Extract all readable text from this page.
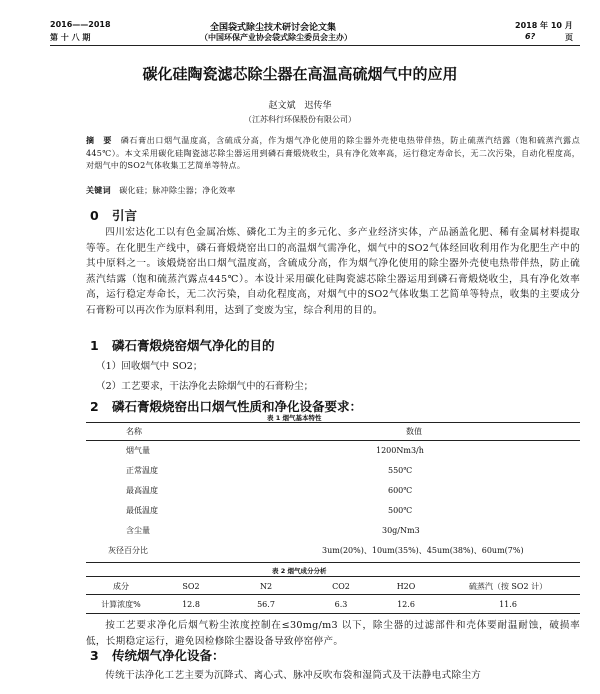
2016——2018
第 十 八 期
全国袋式除尘技术研讨会论文集
（中国环保产业协会袋式除尘委员会主办）
2018 年 10 月
6?	页
碳化硅陶瓷滤芯除尘器在高温高硫烟气中的应用
赵文斌　迟传华
（江苏科行环保股份有限公司）

摘　要　 磷石膏出口烟气温度高，含硫成分高，作为烟气净化使用的除尘器外壳使电热带伴热，防止硫蒸汽结露（饱和硫蒸汽露点445℃）。本文采用碳化硅陶瓷滤芯除尘器运用到磷石膏煅烧收尘，具有净化效率高，运行稳定寿命长，无二次污染，自动化程度高，对烟气中的SO2气体收集工艺简单等特点。

关键词　 碳化硅；脉冲除尘器；净化效率

0 引言

四川宏达化工以有色金属冶炼、磷化工为主的多元化、多产业经济实体，产品涵盖化肥、稀有金属材料提取等等。在化肥生产线中，磷石膏煅烧窑出口的高温烟气需净化，烟气中的SO2气体经回收利用作为化肥生产中的其中原料之一。该煅烧窑出口烟气温度高，含硫成分高，作为烟气净化使用的除尘器外壳使电热带伴热，防止硫蒸汽结露（饱和硫蒸汽露点445℃）。本设计采用碳化硅陶瓷滤芯除尘器运用到磷石膏煅烧收尘，具有净化效率高，运行稳定寿命长，无二次污染，自动化程度高，对烟气中的SO2气体收集工艺简单等特点，收集的主要成分石膏粉可以再次作为原料利用，达到了变废为宝，综合利用的目的。

1 磷石膏煅烧窑烟气净化的目的
（1）回收烟气中 SO2；
（2）工艺要求，干法净化去除烟气中的石膏粉尘；
2 磷石膏煅烧窑出口烟气性质和净化设备要求：
表 1 烟气基本特性
名称	数值
烟气量	1200Nm3/h
正常温度	550℃
最高温度	600℃
最低温度	500℃
含尘量	30g/Nm3
灰径百分比	3um(20%)、10um(35%)、45um(38%)、60um(7%)
表 2 烟气成分分析
成分	SO2	N2	CO2	H2O	硫蒸汽（按 SO2 计）
计算浓度%	12.8	56.7	6.3	12.6	11.6

按工艺要求净化后烟气粉尘浓度控制在≤30mg/m3 以下，除尘器的过滤部件和壳体要耐温耐蚀，破损率低，长期稳定运行，避免因检修除尘器设备导致停窑停产。

3 传统烟气净化设备：

传统干法净化工艺主要为沉降式、离心式、脉冲反吹布袋和湿筒式及干法静电式除尘方
